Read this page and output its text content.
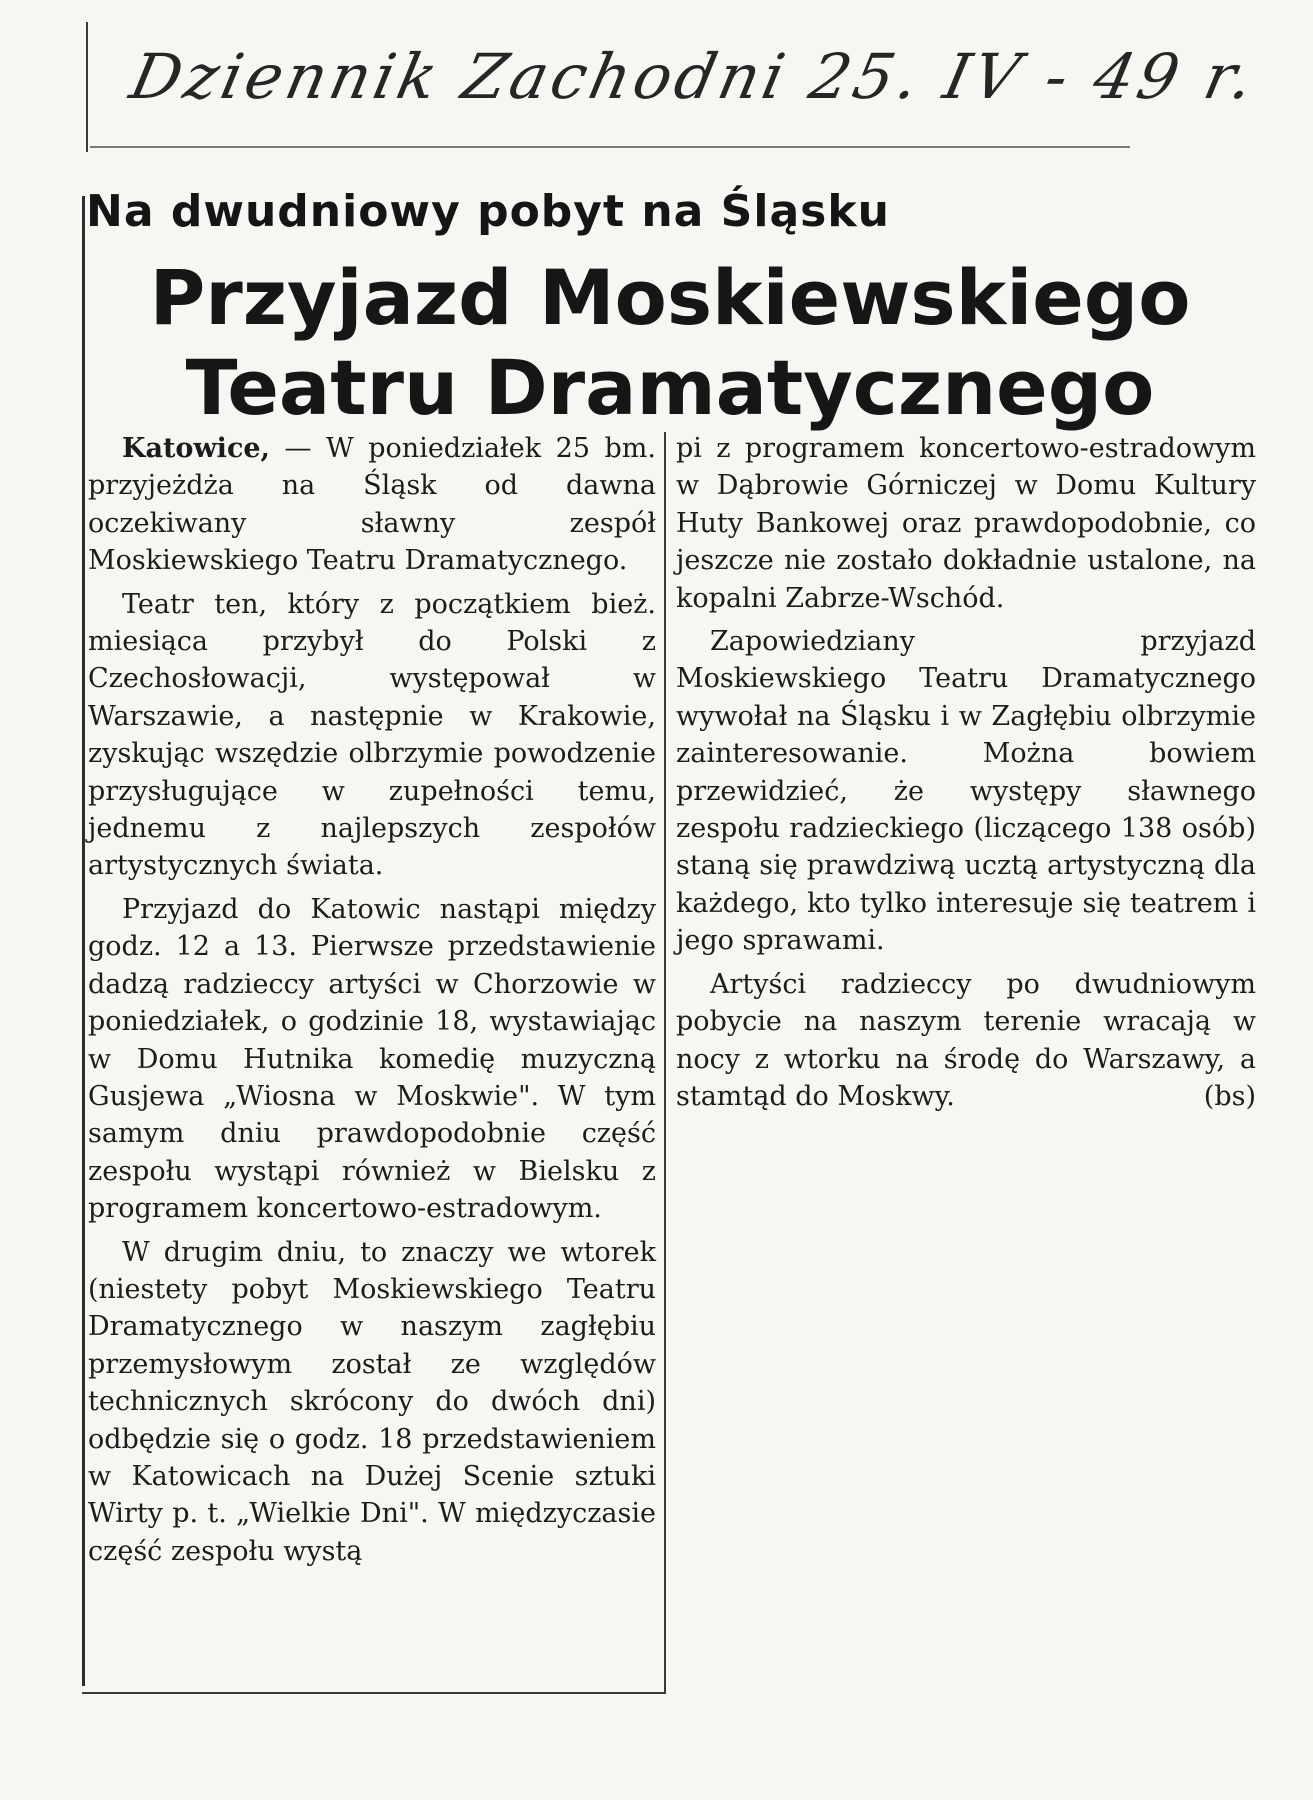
Dziennik Zachodni 25. IV - 49 r.
Na dwudniowy pobyt na Śląsku
Przyjazd Moskiewskiego
Teatru Dramatycznego

Katowice, — W poniedziałek 25 bm. przyjeżdża na Śląsk od dawna oczekiwany sławny zespół Moskiewskiego Teatru Dramatycznego.

Teatr ten, który z początkiem bież. miesiąca przybył do Polski z Czechosłowacji, występował w Warszawie, a następnie w Krakowie, zyskując wszędzie olbrzymie powodzenie przysługujące w zupełności temu, jednemu z najlepszych zespołów artystycznych świata.

Przyjazd do Katowic nastąpi między godz. 12 a 13. Pierwsze przedstawienie dadzą radzieccy artyści w Chorzowie w poniedziałek, o godzinie 18, wystawiając w Domu Hutnika komedię muzyczną Gusjewa „Wiosna w Moskwie". W tym samym dniu prawdopodobnie część zespołu wystąpi również w Bielsku z programem koncertowo-estradowym.

W drugim dniu, to znaczy we wtorek (niestety pobyt Moskiewskiego Teatru Dramatycznego w naszym zagłębiu przemysłowym został ze względów technicznych skrócony do dwóch dni) odbędzie się o godz. 18 przedstawieniem w Katowicach na Dużej Scenie sztuki Wirty p. t. „Wielkie Dni". W międzyczasie część zespołu wystą

pi z programem koncertowo-estradowym w Dąbrowie Górniczej w Domu Kultury Huty Bankowej oraz prawdopodobnie, co jeszcze nie zostało dokładnie ustalone, na kopalni Zabrze-Wschód.

Zapowiedziany przyjazd Moskiewskiego Teatru Dramatycznego wywołał na Śląsku i w Zagłębiu olbrzymie zainteresowanie. Można bowiem przewidzieć, że występy sławnego zespołu radzieckiego (liczącego 138 osób) staną się prawdziwą ucztą artystyczną dla każdego, kto tylko interesuje się teatrem i jego sprawami.

Artyści radzieccy po dwudniowym pobycie na naszym terenie wracają w nocy z wtorku na środę do Warszawy, a stamtąd do Moskwy.	(bs)
